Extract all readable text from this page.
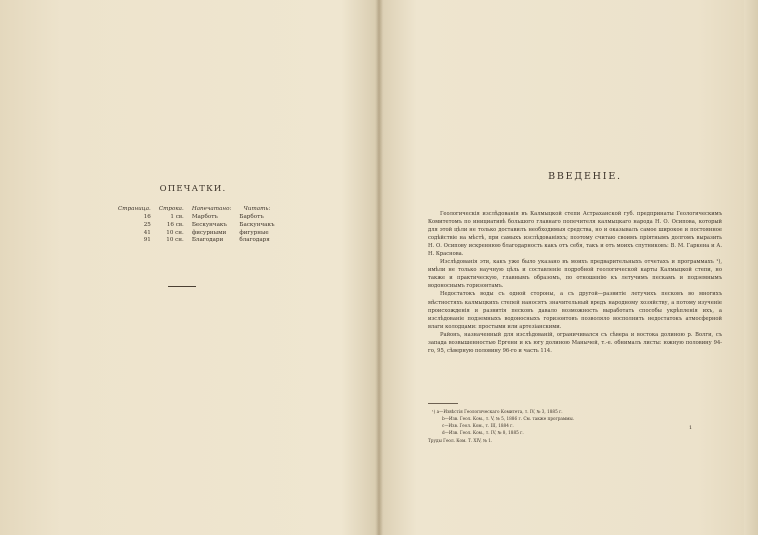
ОПЕЧАТКИ.
Страница.	Строка.	Напечатано:	Читать:
16	1 св.	Марботъ	Барботъ
25	16 св.	Бескунчакъ	Баскунчакъ
41	10 сн.	фисурными	фигурные
91	10 сн.	Благодари	благодаря
ВВЕДЕНІЕ.

Геологическія изслѣдованія въ Калмыцкой степи Астраханской губ. предпринаты Геологическимъ Комитетомъ по инициативѣ большого главнаго попечителя калмыцкаго народа Н. О. Осипова, который для этой цѣли не только доставилъ необходимыя средства, но и оказывалъ самое широкое и постоянное содѣйствіе на мѣстѣ, при самыхъ изслѣдованіяхъ; поэтому считаю своимъ пріятнымъ долгомъ выразить Н. О. Осипову искреннюю благодарность какъ отъ себя, такъ и отъ моихъ спутниковъ: В. М. Гаркена и А. Н. Краснова.

Изслѣдованія эти, какъ уже было указано въ моихъ предварительныхъ отчетахъ и программахъ ¹), имѣли не только научную цѣль и составленіе подробной геологической карты Калмыцкой степи, но также и практическую, главнымъ образомъ, по отношенію къ летучимъ пескамъ и подземнымъ водоноснымъ горизонтамъ.

Недостатокъ воды съ одной стороны, а съ другой—развитіе летучихъ песковъ во многихъ мѣстностяхъ калмыцкихъ степей наносятъ значительный вредъ народному хозяйству, а потому изученіе происхожденія и развитія песковъ давало возможность выработать способы укрѣпленія ихъ, а изслѣдованіе подземныхъ водоносныхъ горизонтовъ позволяло восполнить недостатокъ атмосферной влаги колодцами: простыми или артезіанскими.

Районъ, назначенный для изслѣдованій, ограничивался съ сѣвера и востока долиною р. Волги, съ запада возвышенностью Ергени и къ югу долиною Манычей, т.-е. обнималъ листы: южную половину 94-го, 95, сѣверную половину 96-го и часть 114.

¹) a—Извѣстія Геологическаго Комитета, т. IV, № 3, 1885 г.
b—Изв. Геол. Ком., т. V, № 5, 1886 г. См. также программы.
c—Изв. Геол. Ком., т. III, 1884 г.
d—Изв. Геол. Ком., т. IV, № 8, 1885 г.
Труды Геол. Ком. Т. XIV, № 1.
1
